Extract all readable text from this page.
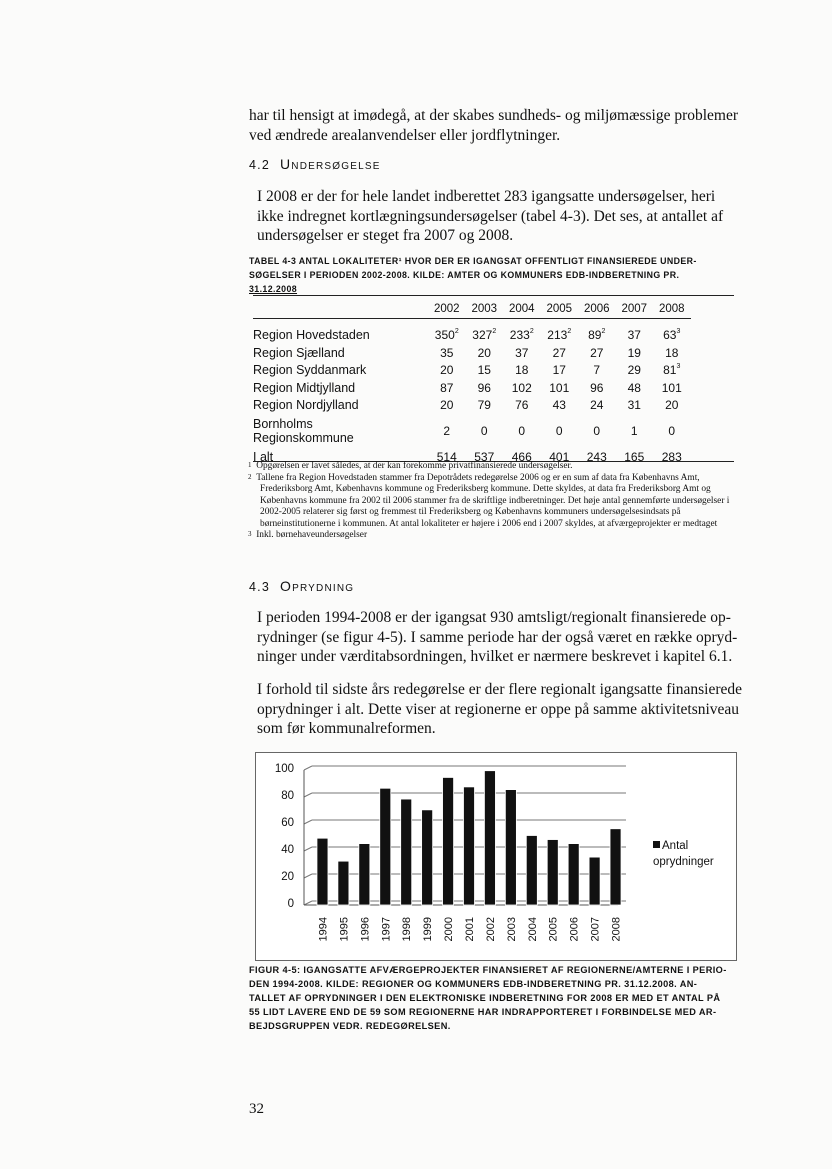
har til hensigt at imødegå, at der skabes sundheds- og miljømæssige problemer
ved ændrede arealanvendelser eller jordflytninger.
4.2 Undersøgelse
I 2008 er der for hele landet indberettet 283 igangsatte undersøgelser, heri
ikke indregnet kortlægningsundersøgelser (tabel 4-3). Det ses, at antallet af
undersøgelser er steget fra 2007 og 2008.
TABEL 4-3 ANTAL LOKALITETER¹ HVOR DER ER IGANGSAT OFFENTLIGT FINANSIEREDE UNDER-
SØGELSER I PERIODEN 2002-2008. KILDE: AMTER OG KOMMUNERS EDB-INDBERETNING PR.
31.12.2008
	2002	2003	2004	2005	2006	2007	2008

Region Hovedstaden	$350^2$	$327^2$	$233^2$	$213^2$	$89^2$	37	$63^3$
Region Sjælland	35	20	37	27	27	19	18
Region Syddanmark	20	15	18	17	7	29	$81^3$
Region Midtjylland	87	96	102	101	96	48	101
Region Nordjylland	20	79	76	43	24	31	20

Bornholms
Regionskommune	2	0	0	0	0	1	0
I alt	514	537	466	401	243	165	283
$^1$ Opgørelsen er lavet således, at der kan forekomme privatfinansierede undersøgelser.
$^2$ Tallene fra Region Hovedstaden stammer fra Depotrådets redegørelse 2006 og er en sum af data fra Københavns Amt, Frederiksborg Amt, Københavns kommune og Frederiksberg kommune. Dette skyldes, at data fra Frederiksborg Amt og Københavns kommune fra 2002 til 2006 stammer fra de skriftlige indberetninger. Det høje antal gennemførte undersøgelser i 2002-2005 relaterer sig først og fremmest til Frederiksberg og Københavns kommuners undersøgelsesindsats på børneinstitutionerne i kommunen. At antal lokaliteter er højere i 2006 end i 2007 skyldes, at afværgeprojekter er medtaget
$^3$ Inkl. børnehaveundersøgelser
4.3 Oprydning
I perioden 1994-2008 er der igangsat 930 amtsligt/regionalt finansierede op-
rydninger (se figur 4-5). I samme periode har der også været en række opryd-
ninger under værditabsordningen, hvilket er nærmere beskrevet i kapitel 6.1.
I forhold til sidste års redegørelse er der flere regionalt igangsatte finansierede
oprydninger i alt. Dette viser at regionerne er oppe på samme aktivitetsniveau
som før kommunalreformen.
100
80
60
40
20
0
1994 1995 1996 1997 1998 1999 2000 2001 2002 2003 2004 2005 2006 2007 2008
Antal
oprydninger
FIGUR 4-5: IGANGSATTE AFVÆRGEPROJEKTER FINANSIERET AF REGIONERNE/AMTERNE I PERIO-
DEN 1994-2008. KILDE: REGIONER OG KOMMUNERS EDB-INDBERETNING PR. 31.12.2008. AN-
TALLET AF OPRYDNINGER I DEN ELEKTRONISKE INDBERETNING FOR 2008 ER MED ET ANTAL PÅ
55 LIDT LAVERE END DE 59 SOM REGIONERNE HAR INDRAPPORTERET I FORBINDELSE MED AR-
BEJDSGRUPPEN VEDR. REDEGØRELSEN.
32
